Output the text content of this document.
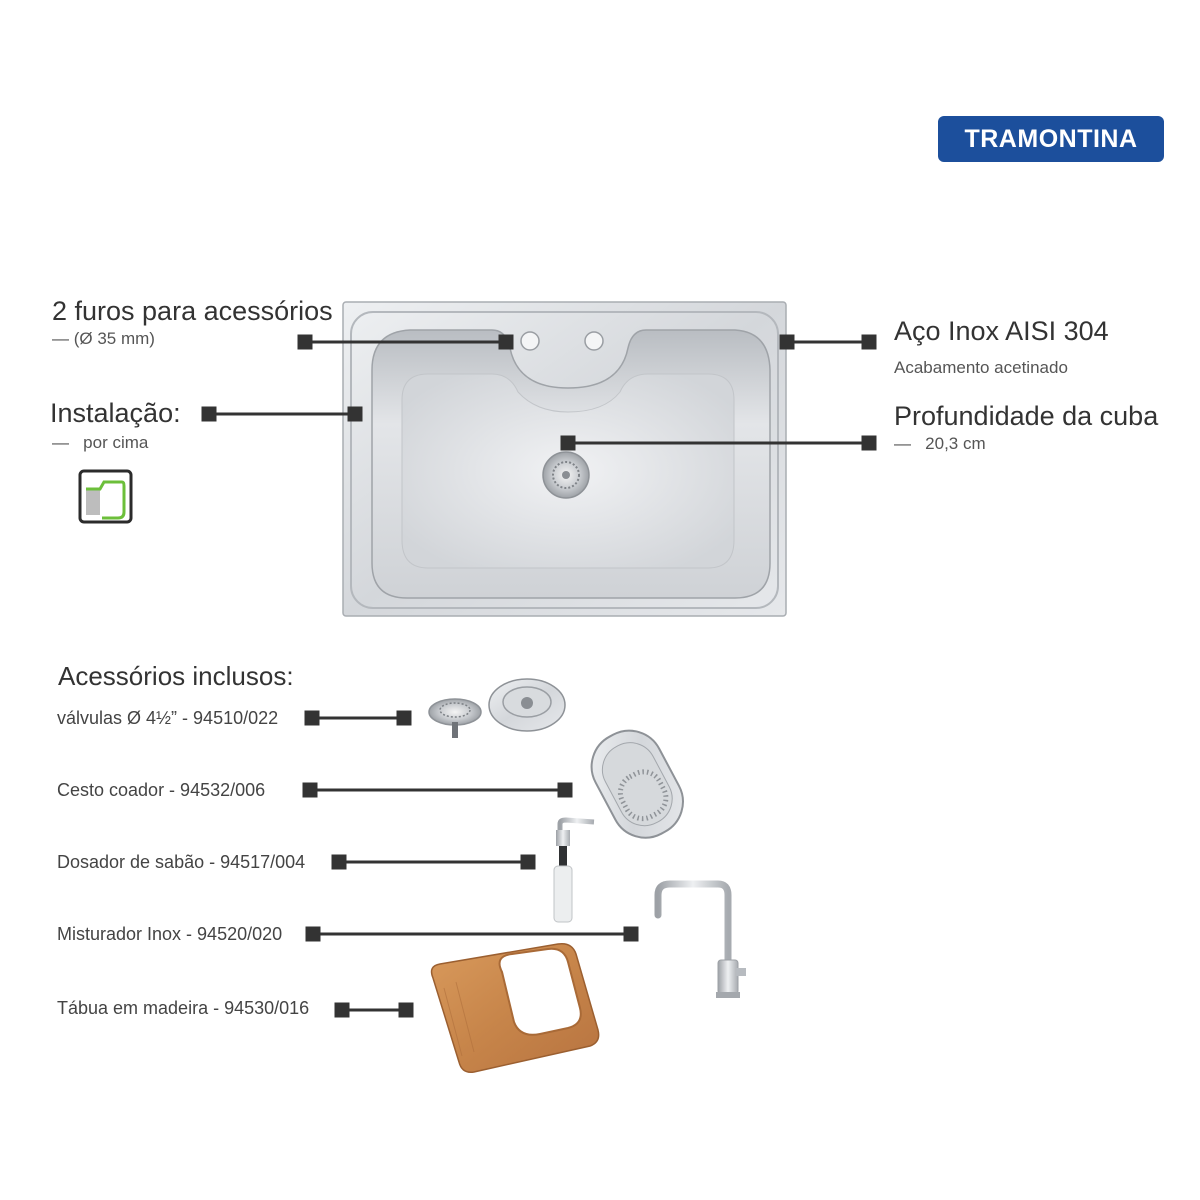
TRAMONTINA
2 furos para acessórios
— (Ø 35 mm)
Instalação:
—   por cima
Aço Inox AISI 304
Acabamento acetinado
Profundidade da cuba
—   20,3 cm
Acessórios inclusos:
válvulas Ø 4½” - 94510/022
Cesto coador - 94532/006
Dosador de sabão - 94517/004
Misturador Inox - 94520/020
Tábua em madeira - 94530/016
